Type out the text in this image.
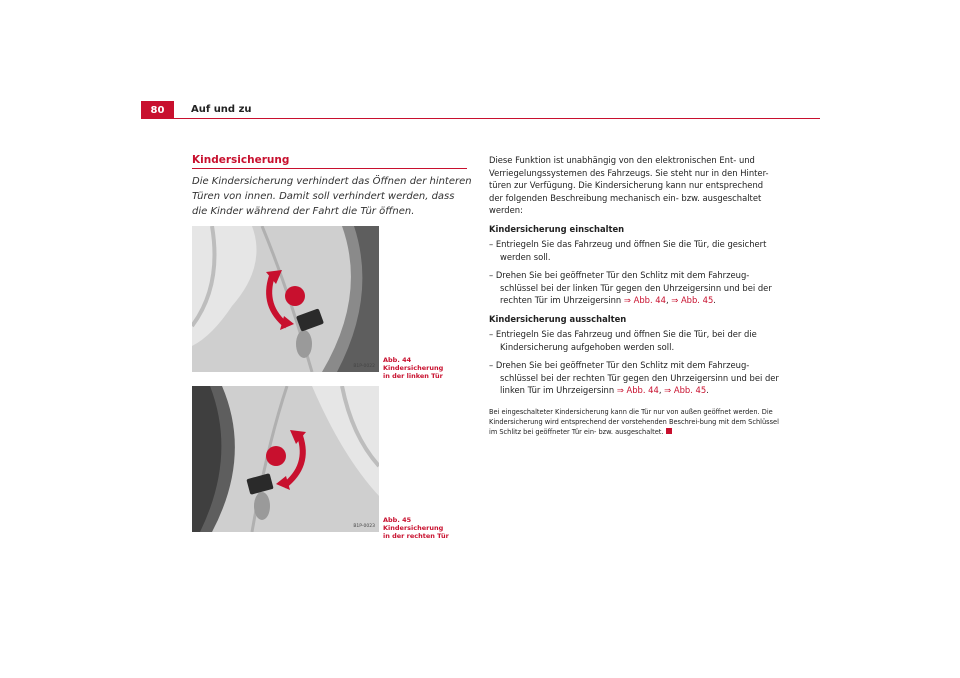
80	Auf und zu
Kindersicherung
Die Kindersicherung verhindert das Öffnen der hinteren Türen von innen. Damit soll verhindert werden, dass die Kinder während der Fahrt die Tür öffnen.
B1P-0022
Abb. 44 Kindersicherung
in der linken Tür
B1P-0023
Abb. 45 Kindersicherung
in der rechten Tür

Diese Funktion ist unabhängig von den elektronischen Ent- und Verriegelungssystemen des Fahrzeugs. Sie steht nur in den Hinter-türen zur Verfügung. Die Kindersicherung kann nur entsprechend der folgenden Beschreibung mechanisch ein- bzw. ausgeschaltet werden:

Kindersicherung einschalten

– Entriegeln Sie das Fahrzeug und öffnen Sie die Tür, die gesichert werden soll.

– Drehen Sie bei geöffneter Tür den Schlitz mit dem Fahrzeug-schlüssel bei der linken Tür gegen den Uhrzeigersinn und bei der rechten Tür im Uhrzeigersinn ⇒ Abb. 44, ⇒ Abb. 45.

Kindersicherung ausschalten

– Entriegeln Sie das Fahrzeug und öffnen Sie die Tür, bei der die Kindersicherung aufgehoben werden soll.

– Drehen Sie bei geöffneter Tür den Schlitz mit dem Fahrzeug-schlüssel bei der rechten Tür gegen den Uhrzeigersinn und bei der linken Tür im Uhrzeigersinn ⇒ Abb. 44, ⇒ Abb. 45.

Bei eingeschalteter Kindersicherung kann die Tür nur von außen geöffnet werden. Die Kindersicherung wird entsprechend der vorstehenden Beschrei-bung mit dem Schlüssel im Schlitz bei geöffneter Tür ein- bzw. ausgeschaltet.
